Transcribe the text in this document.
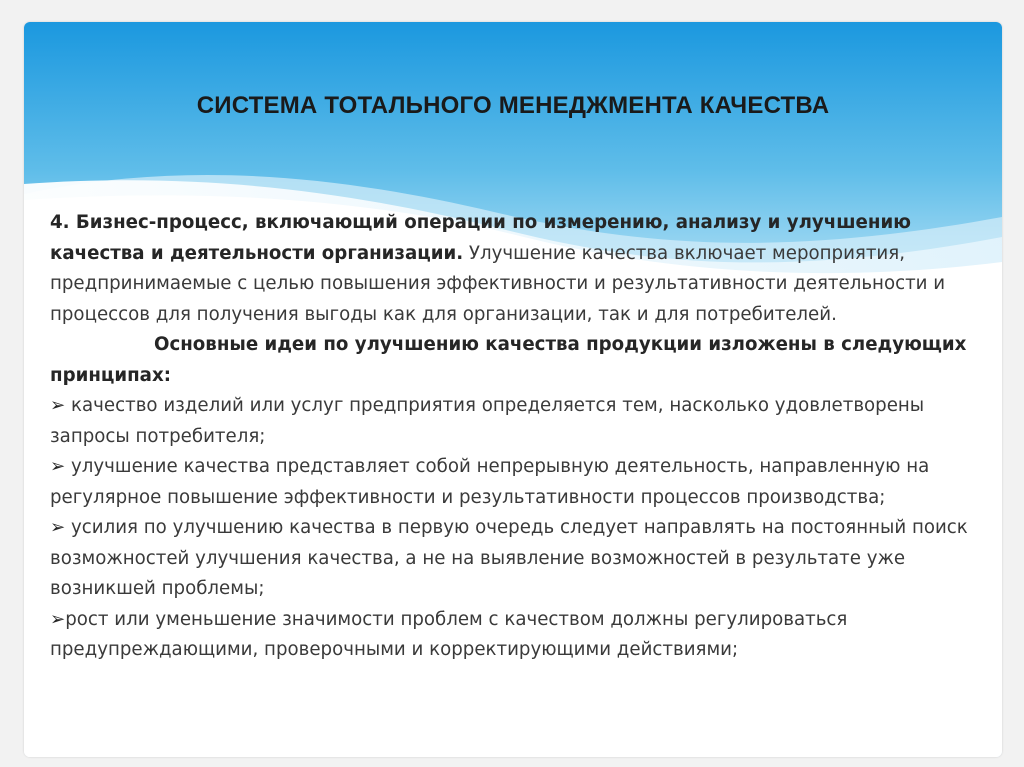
СИСТЕМА ТОТАЛЬНОГО МЕНЕДЖМЕНТА КАЧЕСТВА

4. Бизнес-процесс, включающий операции по измерению, анализу и улучшению качества и деятельности организации. Улучшение качества включает мероприятия, предпринимаемые с целью повышения эффективности и результативности деятельности и процессов для получения выгоды как для организации, так и для потребителей.

Основные идеи по улучшению качества продукции изложены в следующих принципах:

➢ качество изделий или услуг предприятия определяется тем, насколько удовлетворены запросы потребителя;

➢ улучшение качества представляет собой непрерывную деятельность, направленную на регулярное повышение эффективности и результативности процессов производства;

➢ усилия по улучшению качества в первую очередь следует направлять на постоянный поиск возможностей улучшения качества, а не на выявление возможностей в результате уже возникшей проблемы;

➢рост или уменьшение значимости проблем с качеством должны регулироваться предупреждающими, проверочными и корректирующими действиями;
